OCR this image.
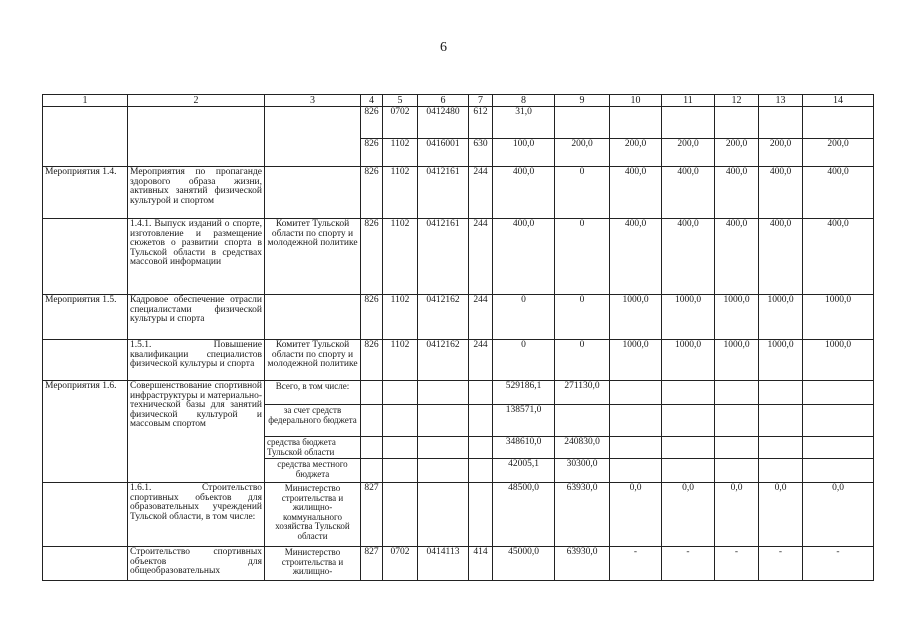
6
1	2	3	4	5	6	7	8	9	10	11	12	13	14
			826	0702	0412480	612	31,0						
			826	1102	0416001	630	100,0	200,0	200,0	200,0	200,0	200,0	200,0
Мероприятия 1.4.	Мероприятия по пропаганде здорового образа жизни, активных занятий физической культурой и спортом		826	1102	0412161	244	400,0	0	400,0	400,0	400,0	400,0	400,0
	1.4.1. Выпуск изданий о спорте, изготовление и размещение сюжетов о развитии спорта в Тульской области в средствах массовой информации	Комитет Тульской области по спорту и молодежной политике	826	1102	0412161	244	400,0	0	400,0	400,0	400,0	400,0	400,0
Мероприятия 1.5.	Кадровое обеспечение отрасли специалистами физической культуры и спорта		826	1102	0412162	244	0	0	1000,0	1000,0	1000,0	1000,0	1000,0
	1.5.1. Повышение квалификации специалистов физической культуры и спорта	Комитет Тульской области по спорту и молодежной политике	826	1102	0412162	244	0	0	1000,0	1000,0	1000,0	1000,0	1000,0
Мероприятия 1.6.	Совершенствование спортивной инфраструктуры и материально-технической базы для занятий физической культурой и массовым спортом	Всего, в том числе:					529186,1	271130,0					
		за счет средств федерального бюджета					138571,0						
		средства бюджета Тульской области					348610,0	240830,0					
		средства местного бюджета					42005,1	30300,0					
	1.6.1. Строительство спортивных объектов для образовательных учреждений Тульской области, в том числе:	Министерство строительства и жилищно-коммунального хозяйства Тульской области	827				48500,0	63930,0	0,0	0,0	0,0	0,0	0,0
	Строительство спортивных объектов для общеобразовательных	Министерство строительства и жилищно-	827	0702	0414113	414	45000,0	63930,0	-	-	-	-	-
